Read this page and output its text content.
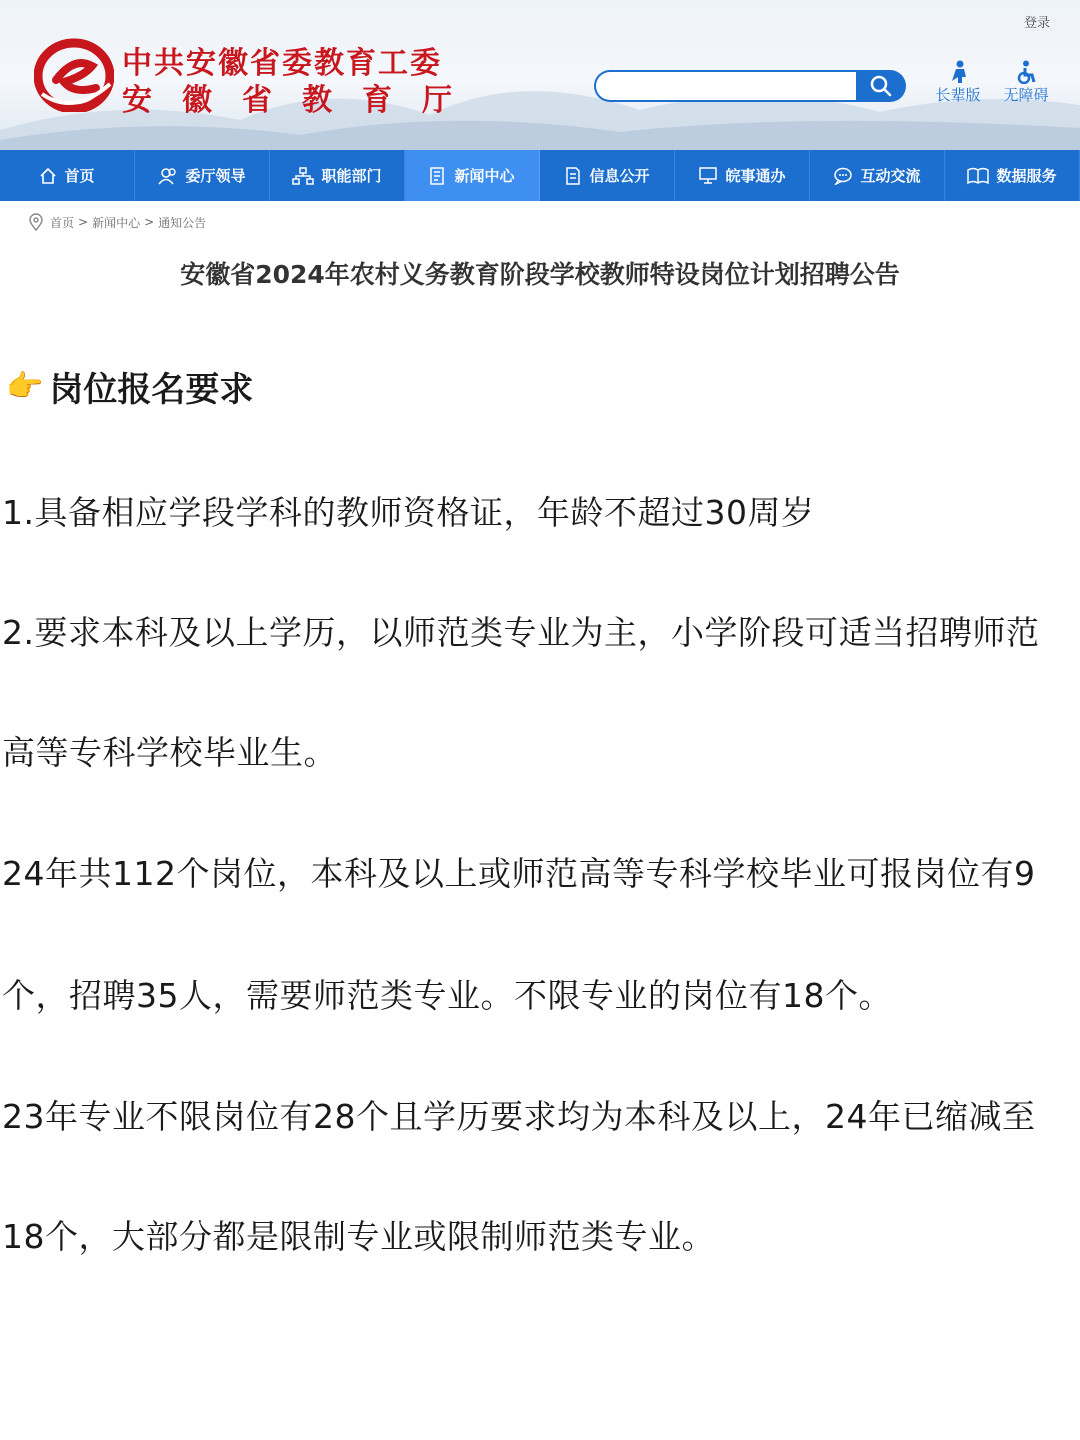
登录
中共安徽省委教育工委
安徽省教育厅	长辈版	无障碍
首页	委厅领导	职能部门	新闻中心	信息公开	皖事通办	互动交流	数据服务
首页 > 新闻中心 > 通知公告
安徽省2024年农村义务教育阶段学校教师特设岗位计划招聘公告
👉 岗位报名要求
1.具备相应学段学科的教师资格证，年龄不超过30周岁
2.要求本科及以上学历，以师范类专业为主，小学阶段可适当招聘师范
高等专科学校毕业生。
24年共112个岗位，本科及以上或师范高等专科学校毕业可报岗位有9
个，招聘35人，需要师范类专业。不限专业的岗位有18个。
23年专业不限岗位有28个且学历要求均为本科及以上，24年已缩减至
18个，大部分都是限制专业或限制师范类专业。
